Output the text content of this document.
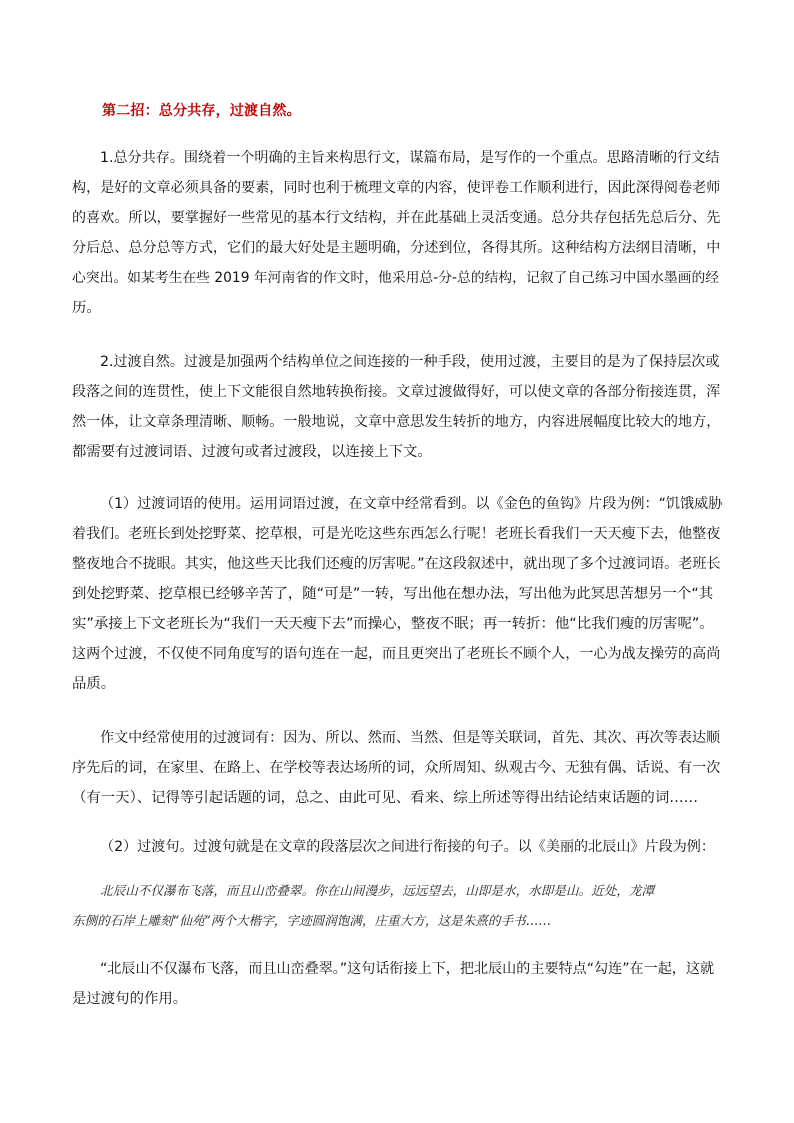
第二招：总分共存，过渡自然。
1.总分共存。围绕着一个明确的主旨来构思行文，谋篇布局，是写作的一个重点。思路清晰的行文结
构，是好的文章必须具备的要素，同时也利于梳理文章的内容，使评卷工作顺利进行，因此深得阅卷老师
的喜欢。所以，要掌握好一些常见的基本行文结构，并在此基础上灵活变通。总分共存包括先总后分、先
分后总、总分总等方式，它们的最大好处是主题明确，分述到位，各得其所。这种结构方法纲目清晰，中
心突出。如某考生在些 2019 年河南省的作文时，他采用总-分-总的结构，记叙了自己练习中国水墨画的经
历。
2.过渡自然。过渡是加强两个结构单位之间连接的一种手段，使用过渡，主要目的是为了保持层次或
段落之间的连贯性，使上下文能很自然地转换衔接。文章过渡做得好，可以使文章的各部分衔接连贯，浑
然一体，让文章条理清晰、顺畅。一般地说，文章中意思发生转折的地方，内容进展幅度比较大的地方，
都需要有过渡词语、过渡句或者过渡段，以连接上下文。
（1）过渡词语的使用。运用词语过渡，在文章中经常看到。以《金色的鱼钩》片段为例：“饥饿威胁
着我们。老班长到处挖野菜、挖草根，可是光吃这些东西怎么行呢！老班长看我们一天天瘦下去，他整夜
整夜地合不拢眼。其实，他这些天比我们还瘦的厉害呢。”在这段叙述中，就出现了多个过渡词语。老班长
到处挖野菜、挖草根已经够辛苦了，随“可是”一转，写出他在想办法，写出他为此冥思苦想另一个“其
实”承接上下文老班长为“我们一天天瘦下去”而操心，整夜不眠；再一转折：他“比我们瘦的厉害呢”。
这两个过渡，不仅使不同角度写的语句连在一起，而且更突出了老班长不顾个人，一心为战友操劳的高尚
品质。
作文中经常使用的过渡词有：因为、所以、然而、当然、但是等关联词，首先、其次、再次等表达顺
序先后的词，在家里、在路上、在学校等表达场所的词，众所周知、纵观古今、无独有偶、话说、有一次
（有一天）、记得等引起话题的词，总之、由此可见、看来、综上所述等得出结论结束话题的词……
（2）过渡句。过渡句就是在文章的段落层次之间进行衔接的句子。以《美丽的北辰山》片段为例：
北辰山不仅瀑布飞落，而且山峦叠翠。你在山间漫步，远远望去，山即是水，水即是山。近处，龙潭
东侧的石岸上雕刻“仙苑”两个大楷字，字迹圆润饱满，庄重大方，这是朱熹的手书……
“北辰山不仅瀑布飞落，而且山峦叠翠。”这句话衔接上下，把北辰山的主要特点“勾连”在一起，这就
是过渡句的作用。
